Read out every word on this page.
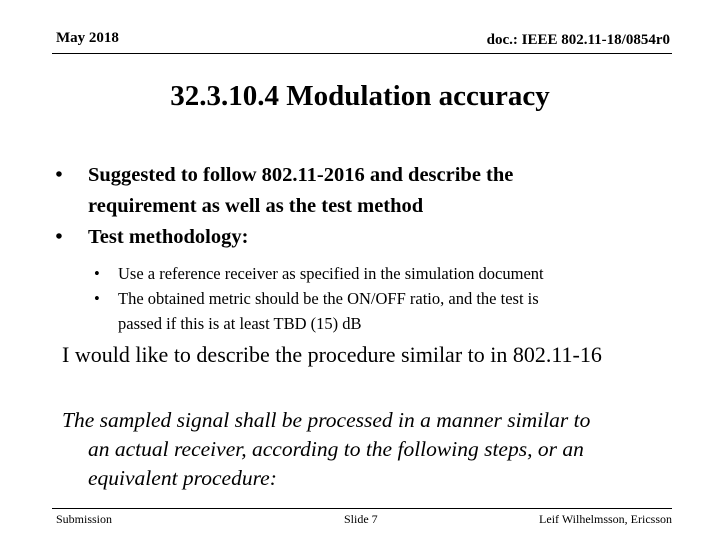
May 2018	doc.: IEEE 802.11-18/0854r0
32.3.10.4 Modulation accuracy
•	Suggested to follow 802.11-2016 and describe the
requirement as well as the test method
•	Test methodology:
• Use a reference receiver as specified in the simulation document
• The obtained metric should be the ON/OFF ratio, and the test is
passed if this is at least TBD (15) dB
I would like to describe the procedure similar to in 802.11-16
The sampled signal shall be processed in a manner similar to
an actual receiver, according to the following steps, or an
equivalent procedure:
Submission	Slide 7	Leif Wilhelmsson, Ericsson
